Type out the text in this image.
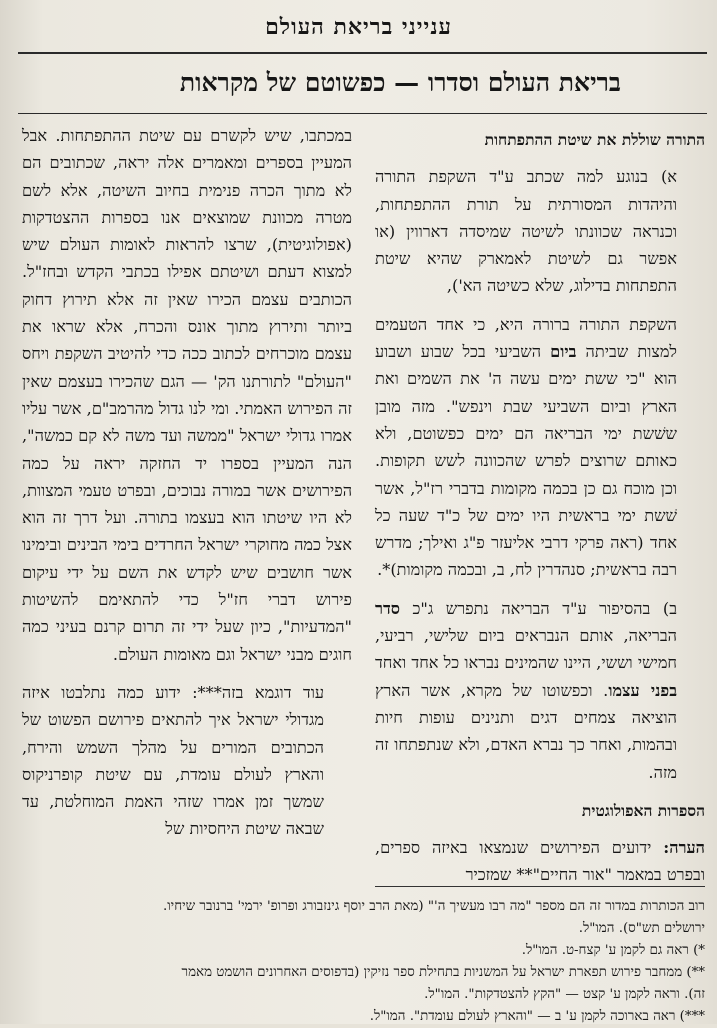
ענייני בריאת העולם
בריאת העולם וסדרו — כפשוטם של מקראות
התורה שוללת את שיטת ההתפתחות

א) בנוגע למה שכתב ע"ד השקפת התורה והיהדות המסורתית על תורת ההתפתחות, וכנראה שכוונתו לשיטה שמיסדה דארווין (או אפשר גם לשיטת לאמארק שהיא שיטת התפתחות בדילוג, שלא כשיטה הא'),

השקפת התורה ברורה היא, כי אחד הטעמים למצות שביתה ביום השביעי בכל שבוע ושבוע הוא "כי ששת ימים עשה ה' את השמים ואת הארץ וביום השביעי שבת וינפש". מזה מובן ששׁשת ימי הבריאה הם ימים כפשוטם, ולא כאותם שרוצים לפרש שהכוונה לשש תקופות. וכן מוכח גם כן בכמה מקומות בדברי רז"ל, אשר שׁשת ימי בראשית היו ימים של כ"ד שעה כל אחד (ראה פרקי דרבי אליעזר פ"ג ואילך; מדרש רבה בראשית; סנהדרין לח, ב, ובכמה מקומות)*.

ב) בהסיפור ע"ד הבריאה נתפרש ג"כ סדר הבריאה, אותם הנבראים ביום שלישי, רביעי, חמישי וששי, היינו שהמינים נבראו כל אחד ואחד בפני עצמו. וכפשוטו של מקרא, אשר הארץ הוציאה צמחים דגים ותנינים עופות חיות ובהמות, ואחר כך נברא האדם, ולא שנתפתחו זה מזה.

הספרות האפולוגטית

הערה: ידועים הפירושים שנמצאו באיזה ספרים, ובפרט במאמר "אור החיים"** שמזכיר

במכתבו, שיש לקשרם עם שיטת ההתפתחות. אבל המעיין בספרים ומאמרים אלה יראה, שכתובים הם לא מתוך הכרה פנימית בחיוב השיטה, אלא לשם מטרה מכוונת שמוצאים אנו בספרות ההצטדקות (אפולוגיטית), שרצו להראות לאומות העולם שיש למצוא דעתם ושיטתם אפילו בכתבי הקדש ובחז"ל. הכותבים עצמם הכירו שאין זה אלא תירוץ דחוק ביותר ותירוץ מתוך אונס והכרח, אלא שראו את עצמם מוכרחים לכתוב ככה כדי להיטיב השקפת ויחס "העולם" לתורתנו הק' — הגם שהכירו בעצמם שאין זה הפירוש האמתי. ומי לנו גדול מהרמב"ם, אשר עליו אמרו גדולי ישראל "ממשה ועד משה לא קם כמשה", הנה המעיין בספרו יד החזקה יראה על כמה הפירושים אשר במורה נבוכים, ובפרט טעמי המצוות, לא היו שיטתו הוא בעצמו בתורה. ועל דרך זה הוא אצל כמה מחוקרי ישראל החרדים בימי הבינים ובימינו אשר חושבים שיש לקדש את השם על ידי עיקום פירוש דברי חז"ל כדי להתאימם להשיטות "המדעיות", כיון שעל ידי זה תרום קרנם בעיני כמה חוגים מבני ישראל וגם מאומות העולם.

עוד דוגמא בזה***: ידוע כמה נתלבטו איזה מגדולי ישראל איך להתאים פירושם הפשוט של הכתובים המורים על מהלך השמש והירח, והארץ לעולם עומדת, עם שיטת קופרניקוס שמשך זמן אמרו שזהי האמת המוחלטת, עד שבאה שיטת היחסיות של

רוב הכותרות במדור זה הם מספר "מה רבו מעשיך ה'" (מאת הרב יוסף גינזבורג ופרופ' ירמי' ברנובר שיחיו.
ירושלים תש"ס). המו"ל.
*) ראה גם לקמן ע' קצח-ט. המו"ל.
**) ממחבר פירוש תפארת ישראל על המשניות בתחילת ספר נזיקין (בדפוסים האחרונים הושמט מאמר
זה). וראה לקמן ע' קצט — "הקץ להצטדקות". המו"ל.
***) ראה בארוכה לקמן ע' ב — "והארץ לעולם עומדת". המו"ל.
